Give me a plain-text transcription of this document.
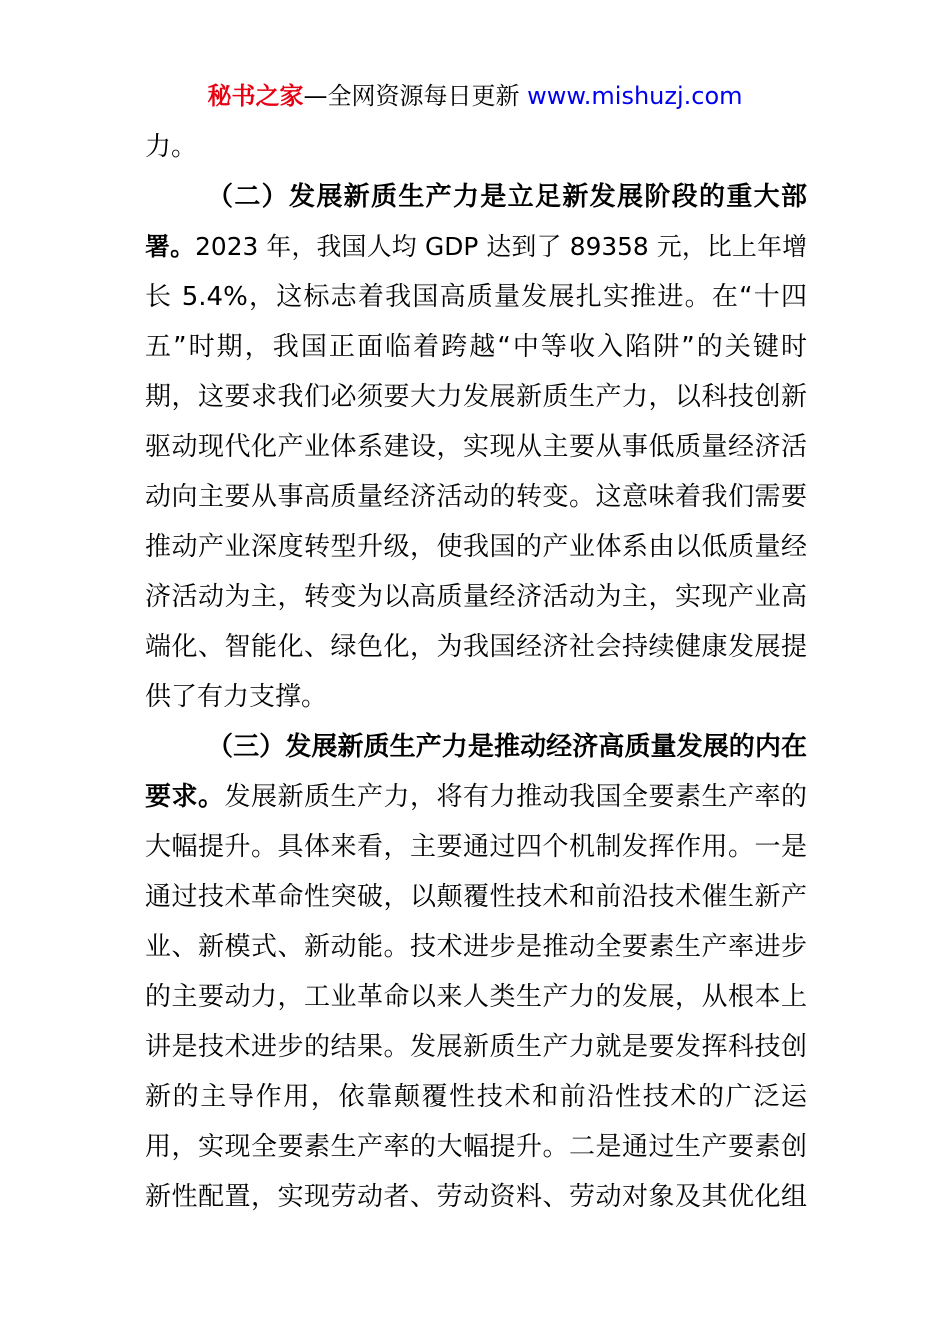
秘书之家—全网资源每日更新 www.mishuzj.com
力。
（二）发展新质生产力是立足新发展阶段的重大部
署。2023 年，我国人均 GDP 达到了 89358 元，比上年增
长 5.4%，这标志着我国高质量发展扎实推进。在“十四
五”时期，我国正面临着跨越“中等收入陷阱”的关键时
期，这要求我们必须要大力发展新质生产力，以科技创新
驱动现代化产业体系建设，实现从主要从事低质量经济活
动向主要从事高质量经济活动的转变。这意味着我们需要
推动产业深度转型升级，使我国的产业体系由以低质量经
济活动为主，转变为以高质量经济活动为主，实现产业高
端化、智能化、绿色化，为我国经济社会持续健康发展提
供了有力支撑。
（三）发展新质生产力是推动经济高质量发展的内在
要求。发展新质生产力，将有力推动我国全要素生产率的
大幅提升。具体来看，主要通过四个机制发挥作用。一是
通过技术革命性突破，以颠覆性技术和前沿技术催生新产
业、新模式、新动能。技术进步是推动全要素生产率进步
的主要动力，工业革命以来人类生产力的发展，从根本上
讲是技术进步的结果。发展新质生产力就是要发挥科技创
新的主导作用，依靠颠覆性技术和前沿性技术的广泛运
用，实现全要素生产率的大幅提升。二是通过生产要素创
新性配置，实现劳动者、劳动资料、劳动对象及其优化组
